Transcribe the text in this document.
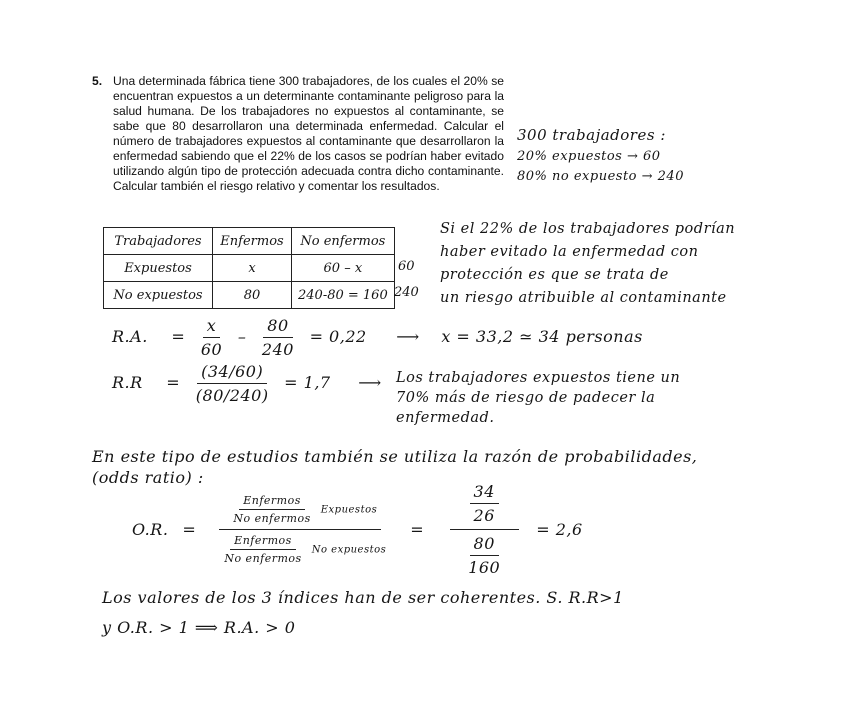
5. Una determinada fábrica tiene 300 trabajadores, de los cuales el 20% se encuentran expuestos a un determinante contaminante peligroso para la salud humana. De los trabajadores no expuestos al contaminante, se sabe que 80 desarrollaron una determinada enfermedad. Calcular el número de trabajadores expuestos al contaminante que desarrollaron la enfermedad sabiendo que el 22% de los casos se podrían haber evitado utilizando algún tipo de protección adecuada contra dicho contaminante. Calcular también el riesgo relativo y comentar los resultados.
300 trabajadores :
20% expuestos → 60
80% no expuesto → 240
Trabajadores	Enfermos	No enfermos
Expuestos	x	60 – x
No expuestos	80	240-80 = 160
60
240
Si el 22% de los trabajadores podrían
haber evitado la enfermedad con
protección es que se trata de
un riesgo atribuible al contaminante
R.A. = $\frac{x}{60} - \frac{80}{240} = 0,22$ ⟶ x = 33,2 ≃ 34 personas
$R.R = \frac{(34/60)}{(80/240)} = 1,7$ ⟶ Los trabajadores expuestos tiene un
70% más de riesgo de padecer la
enfermedad.
En este tipo de estudios también se utiliza la razón de probabilidades,
(odds ratio) :
O.R. = $\frac{\frac{\text{Enfermos}}{\text{No enfermos}} Expuestos}{\frac{\text{Enfermos}}{\text{No enfermos}} No expuestos} = \frac{\frac{34}{26}}{\frac{80}{160}} = 2,6$
Los valores de los 3 índices han de ser coherentes. S. R.R>1
y O.R. > 1 ⟹ R.A. > 0
